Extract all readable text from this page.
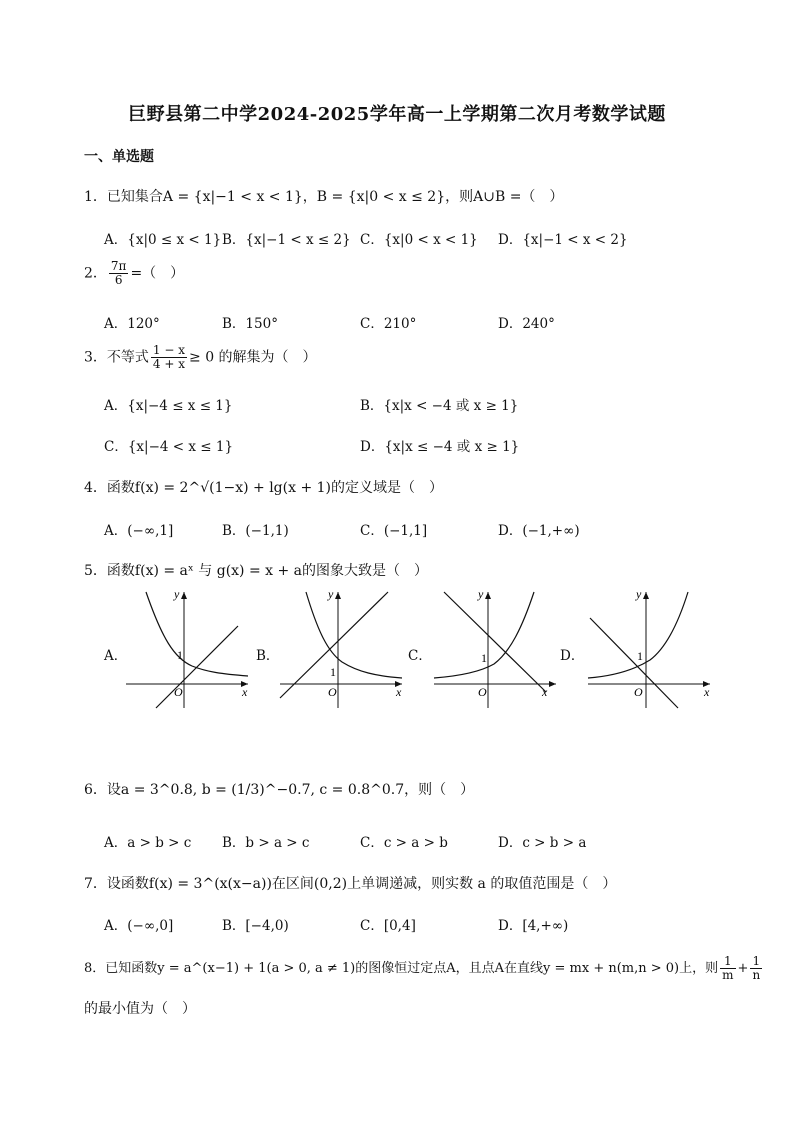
巨野县第二中学2024-2025学年高一上学期第二次月考数学试题
一、单选题
1．已知集合A = {x|−1 < x < 1}，B = {x|0 < x ≤ 2}，则A∪B =（　）
A．{x|0 ≤ x < 1} B．{x|−1 < x ≤ 2} C．{x|0 < x < 1} D．{x|−1 < x < 2}
2． $\frac{7\pi}{6}$ =（　）
A．120°	B．150°	C．210°	D．240°
3．不等式 $\frac{1 - x}{4 + x} \ge 0$ 的解集为（　）
A．{x|−4 ≤ x ≤ 1}	B．{x|x < −4 或 x ≥ 1}
C．{x|−4 < x ≤ 1}	D．{x|x ≤ −4 或 x ≥ 1}
4．函数f(x) = 2^√(1−x) + lg(x + 1)的定义域是（　）
A．(−∞,1]	B．(−1,1)	C．(−1,1]	D．(−1,+∞)
5．函数f(x) = aˣ 与 g(x) = x + a的图象大致是（　）
A．	B．	C．	D．
y
x
O
1
y
x
O
1
y
x
O
1
y
x
O
1
6．设a = 3^0.8, b = (1/3)^−0.7, c = 0.8^0.7，则（　）
A．a > b > c B．b > a > c	C．c > a > b	D．c > b > a
7．设函数f(x) = 3^(x(x−a))在区间(0,2)上单调递减，则实数 a 的取值范围是（　）
A．(−∞,0]	B．[−4,0)	C．[0,4]	D．[4,+∞)
8．已知函数y = a^(x−1) + 1(a > 0, a ≠ 1)的图像恒过定点A，且点A在直线y = mx + n(m,n > 0)上，则 $\frac{1}{m} + \frac{1}{n}$
的最小值为（　）
